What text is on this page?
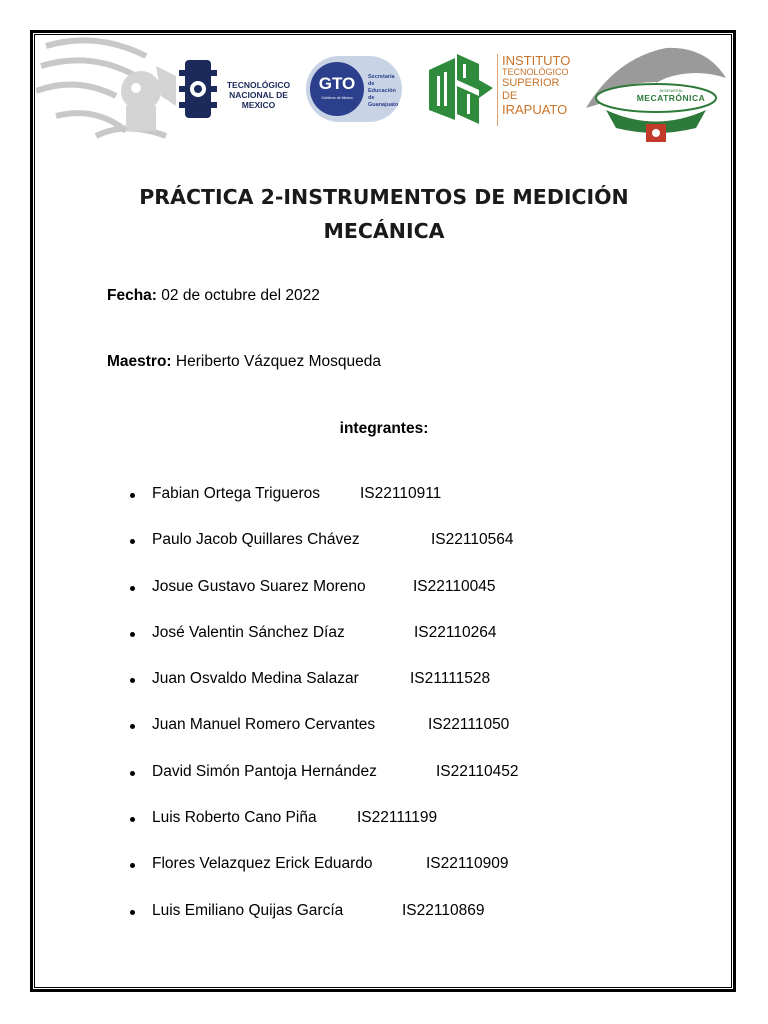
TECNOLÓGICO
NACIONAL DE MEXICO
GTO
Gobierno de México
Secretaría
de Educación
de Guanajuato
INSTITUTO
TECNOLÓGICO
SUPERIOR DE
IRAPUATO
INGENIERÍA
MECATRÓNICA
PRÁCTICA 2-INSTRUMENTOS DE MEDICIÓN
MECÁNICA
Fecha: 02 de octubre del 2022
Maestro: Heriberto Vázquez Mosqueda
integrantes:
Fabian Ortega Trigueros	IS22110911
Paulo Jacob Quillares Chávez	IS22110564
Josue Gustavo Suarez Moreno	IS22110045
José Valentin Sánchez Díaz	IS22110264
Juan Osvaldo Medina Salazar	IS21111528
Juan Manuel Romero Cervantes	IS22111050
David Simón Pantoja Hernández	IS22110452
Luis Roberto Cano Piña	IS22111199
Flores Velazquez Erick Eduardo	IS22110909
Luis Emiliano Quijas García	IS22110869
